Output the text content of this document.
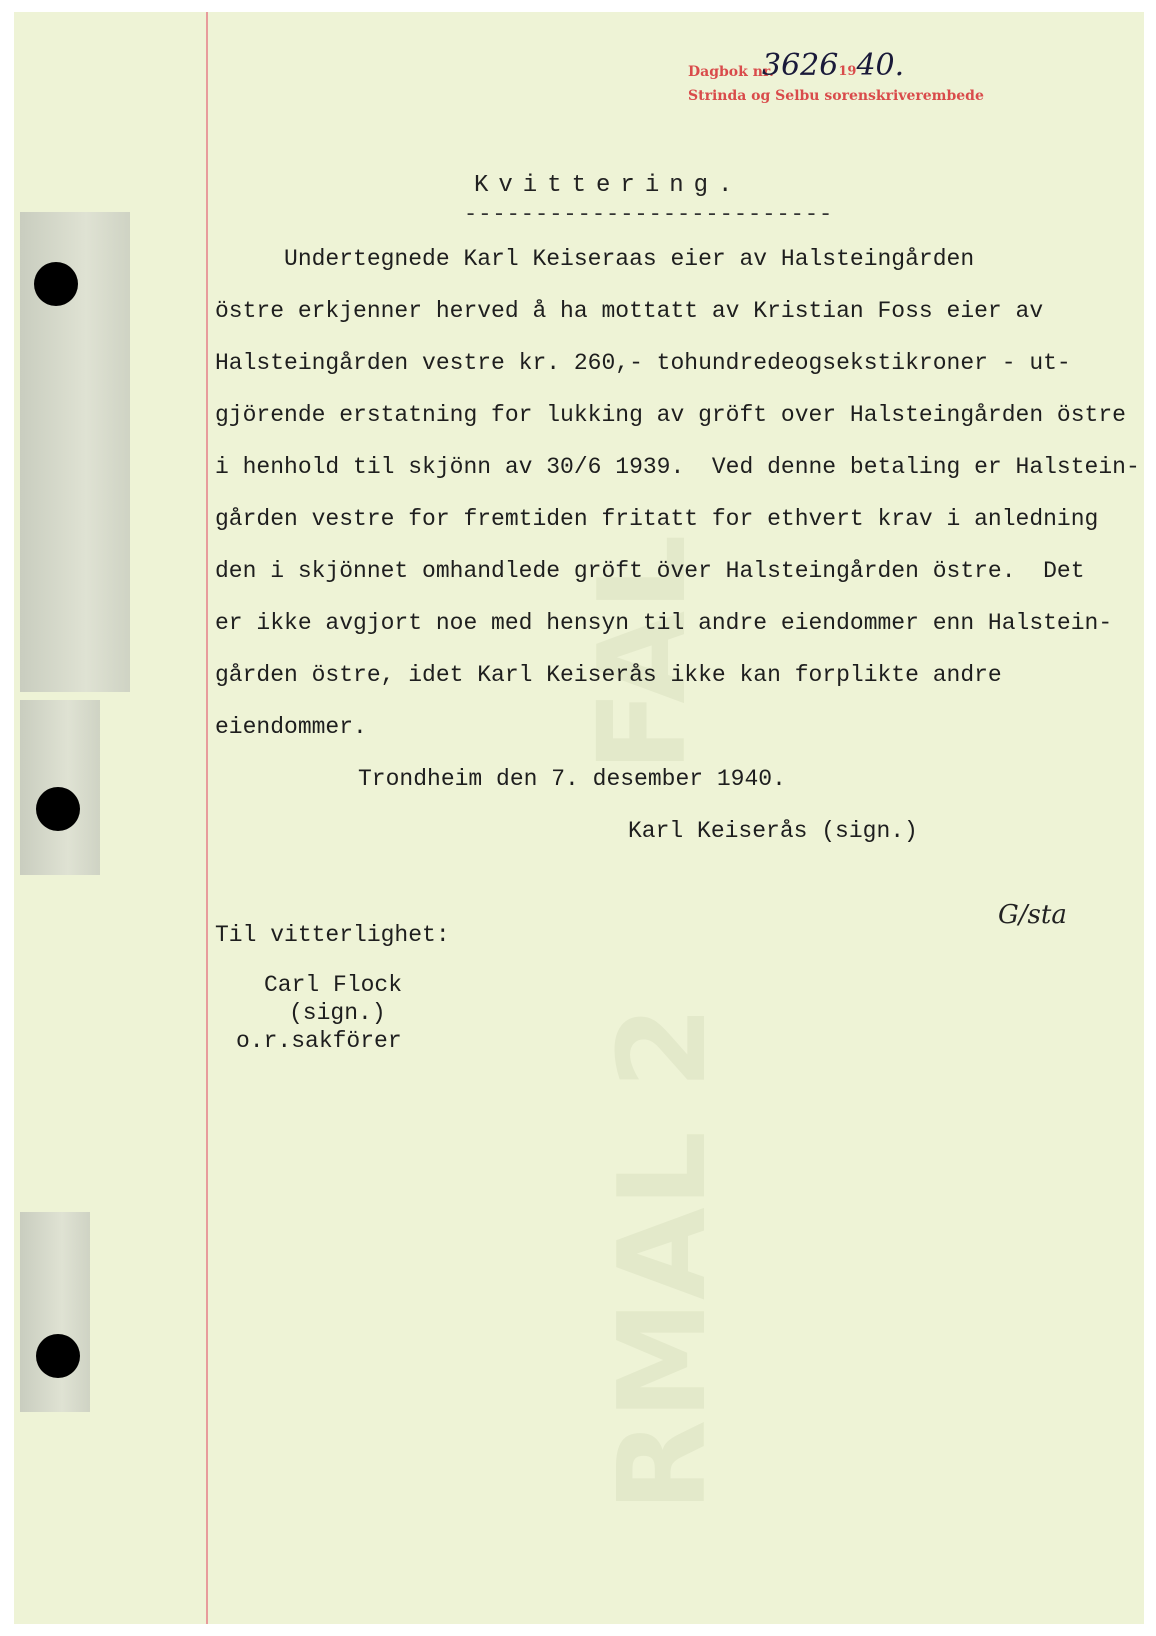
FAL
RMAL 2
Dagbok nr.
36261940.
Strinda og Selbu sorenskriverembede
Kvittering.
--------------------------
Undertegnede Karl Keiseraas eier av Halsteingården
östre erkjenner herved å ha mottatt av Kristian Foss eier av
Halsteingården vestre kr. 260,- tohundredeogsekstikroner - ut-
gjörende erstatning for lukking av gröft over Halsteingården östre
i henhold til skjönn av 30/6 1939.  Ved denne betaling er Halstein-
gården vestre for fremtiden fritatt for ethvert krav i anledning
den i skjönnet omhandlede gröft över Halsteingården östre.  Det
er ikke avgjort noe med hensyn til andre eiendommer enn Halstein-
gården östre, idet Karl Keiserås ikke kan forplikte andre
eiendommer.
Trondheim den 7. desember 1940.
Karl Keiserås (sign.)
G/sta
Til vitterlighet:
Carl Flock
(sign.)
o.r.sakförer
